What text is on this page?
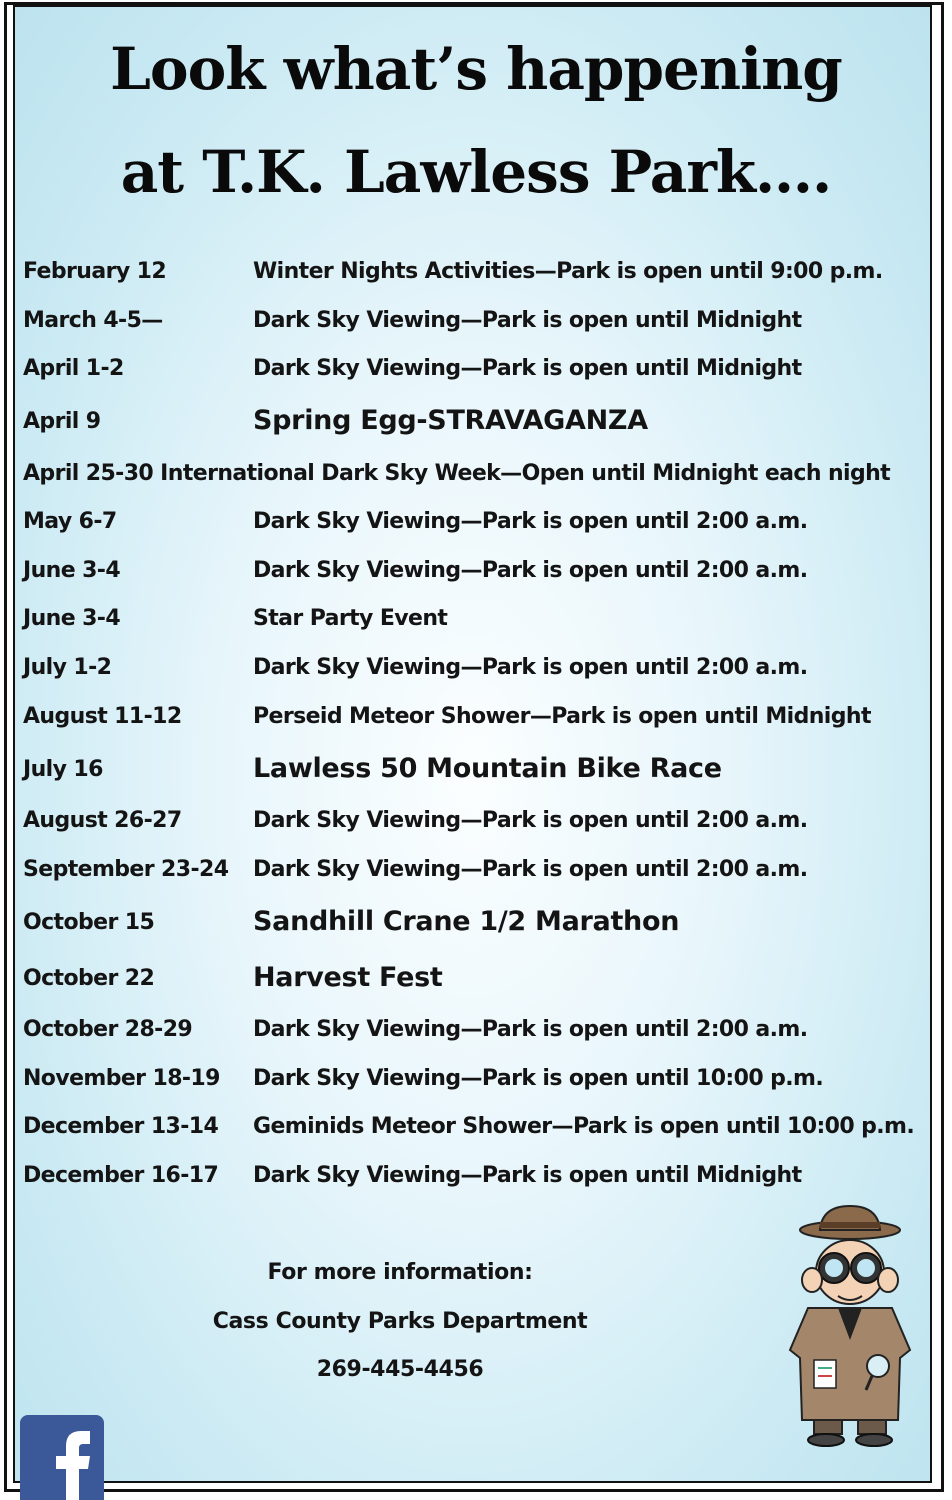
Look what’s happening
at T.K. Lawless Park….
February 12	Winter Nights Activities—Park is open until 9:00 p.m.
March 4-5—	Dark Sky Viewing—Park is open until Midnight
April 1-2	Dark Sky Viewing—Park is open until Midnight
April 9	Spring Egg-STRAVAGANZA
April 25-30 International Dark Sky Week—Open until Midnight each night
May 6-7	Dark Sky Viewing—Park is open until 2:00 a.m.
June 3-4	Dark Sky Viewing—Park is open until 2:00 a.m.
June 3-4	Star Party Event
July 1-2	Dark Sky Viewing—Park is open until 2:00 a.m.
August 11-12	Perseid Meteor Shower—Park is open until Midnight
July 16	Lawless 50 Mountain Bike Race
August 26-27	Dark Sky Viewing—Park is open until 2:00 a.m.
September 23-24 Dark Sky Viewing—Park is open until 2:00 a.m.
October 15	Sandhill Crane 1/2 Marathon
October 22	Harvest Fest
October 28-29	Dark Sky Viewing—Park is open until 2:00 a.m.
November 18-19 Dark Sky Viewing—Park is open until 10:00 p.m.
December 13-14 Geminids Meteor Shower—Park is open until 10:00 p.m.
December 16-17 Dark Sky Viewing—Park is open until Midnight
For more information:
Cass County Parks Department
269-445-4456
